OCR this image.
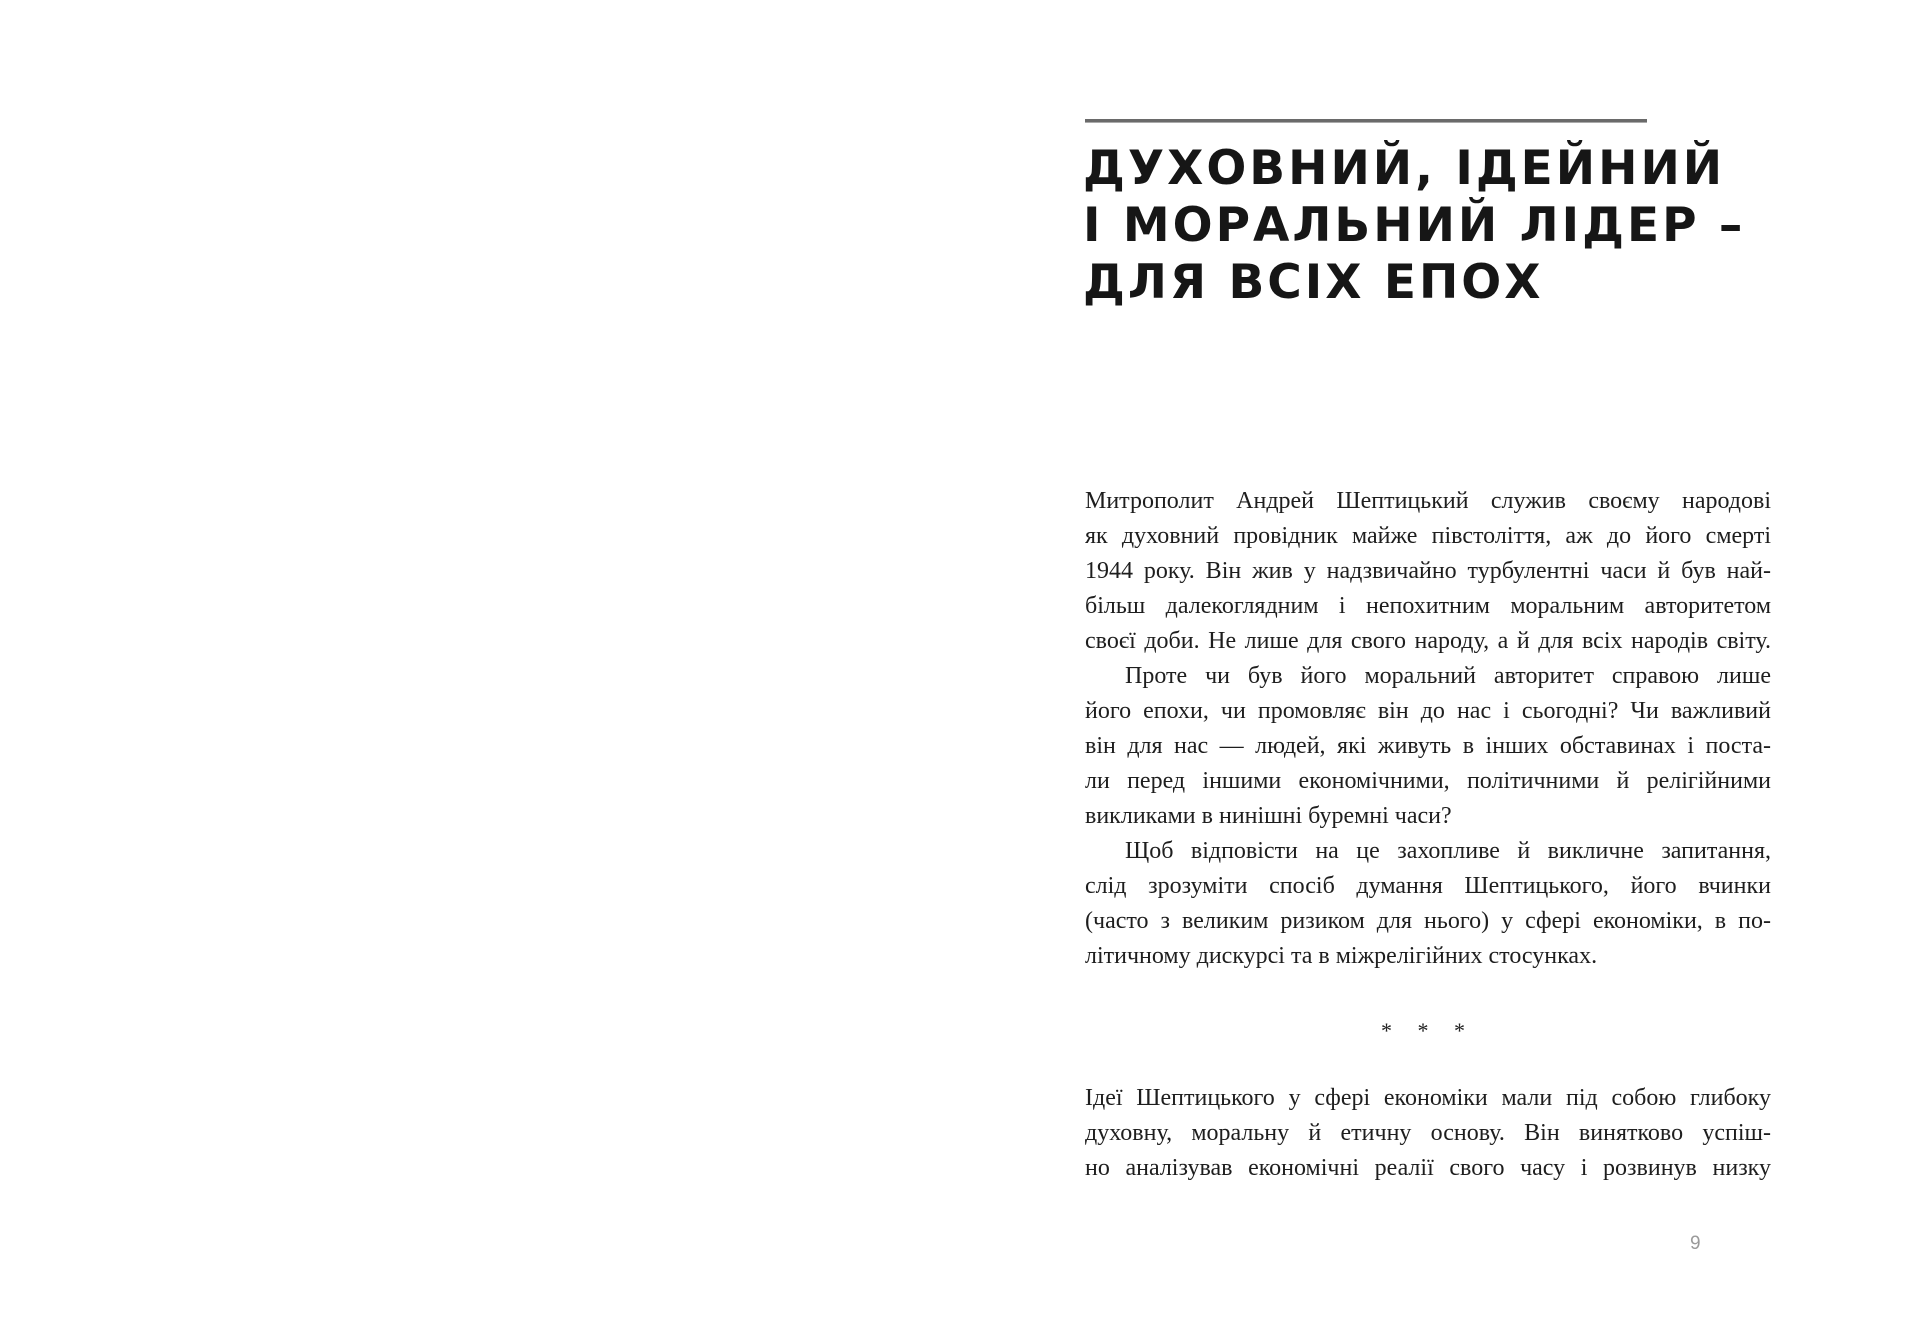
ДУХОВНИЙ, ІДЕЙНИЙ
І МОРАЛЬНИЙ ЛІДЕР –
ДЛЯ ВСІХ ЕПОХ
Митрополит Андрей Шептицький служив своєму народові
як духовний провідник майже півстоліття, аж до його смерті
1944 року. Він жив у надзвичайно турбулентні часи й був най-
більш далекоглядним і непохитним моральним авторитетом
своєї доби. Не лише для свого народу, а й для всіх народів світу.
Проте чи був його моральний авторитет справою лише
його епохи, чи промовляє він до нас і сьогодні? Чи важливий
він для нас — людей, які живуть в інших обставинах і поста-
ли перед іншими економічними, політичними й релігійними
викликами в нинішні буремні часи?
Щоб відповісти на це захопливе й викличне запитання,
слід зрозуміти спосіб думання Шептицького, його вчинки
(часто з великим ризиком для нього) у сфері економіки, в по-
літичному дискурсі та в міжрелігійних стосунках.
* * *
Ідеї Шептицького у сфері економіки мали під собою глибоку
духовну, моральну й етичну основу. Він винятково успіш-
но аналізував економічні реалії свого часу і розвинув низку
9
